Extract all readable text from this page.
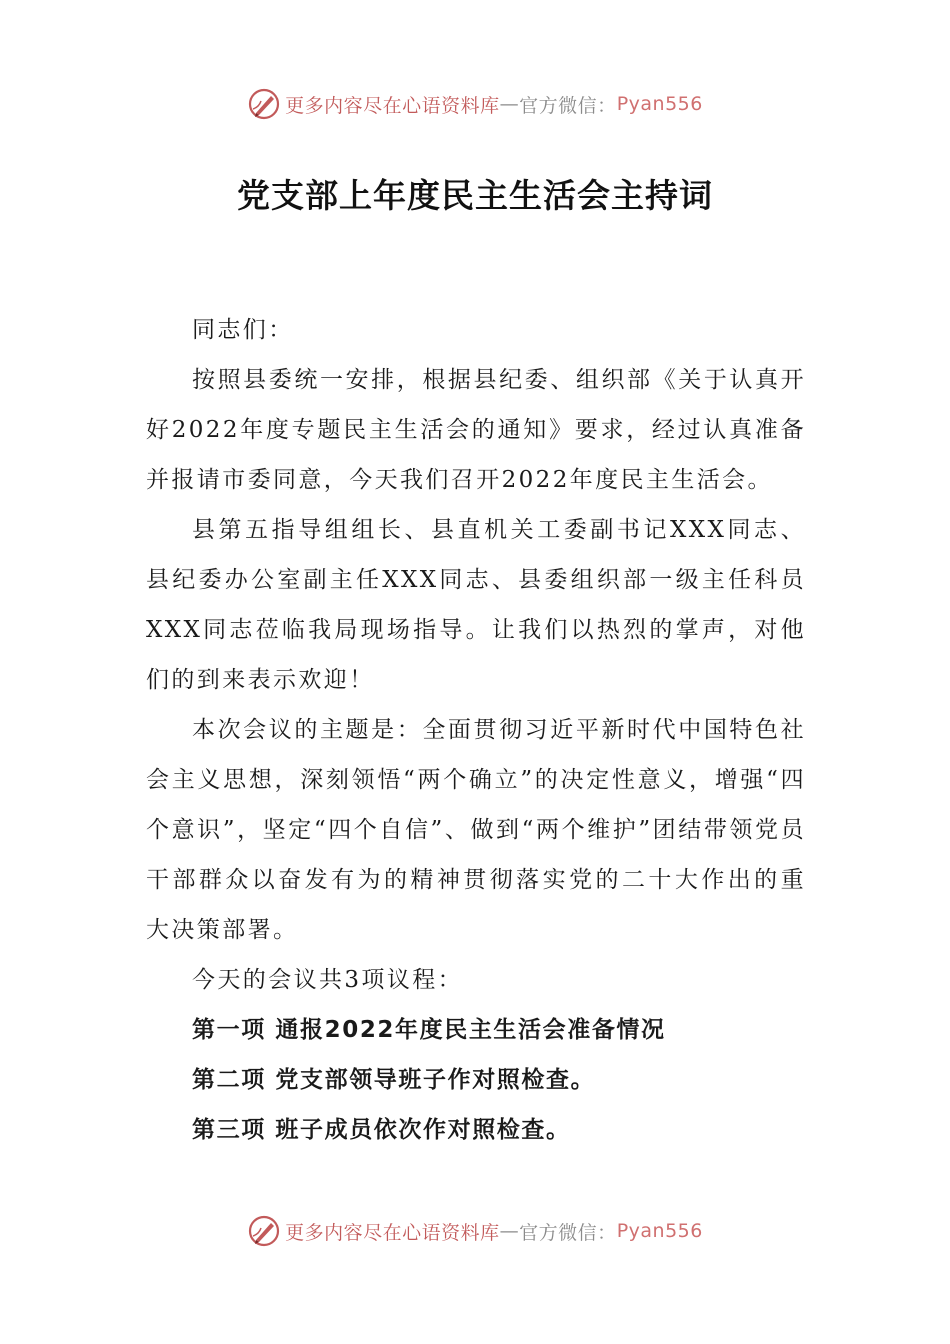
更多内容尽在心语资料库 — 官方微信： Pyan556
党支部上年度民主生活会主持词

同志们：

按照县委统一安排，根据县纪委、组织部《关于认真开好2022年度专题民主生活会的通知》要求，经过认真准备并报请市委同意，今天我们召开2022年度民主生活会。

县第五指导组组长、县直机关工委副书记XXX同志、县纪委办公室副主任XXX同志、县委组织部一级主任科员XXX同志莅临我局现场指导。让我们以热烈的掌声，对他们的到来表示欢迎！

本次会议的主题是：全面贯彻习近平新时代中国特色社会主义思想，深刻领悟“两个确立”的决定性意义，增强“四个意识”，坚定“四个自信”、做到“两个维护”团结带领党员干部群众以奋发有为的精神贯彻落实党的二十大作出的重大决策部署。

今天的会议共3项议程：

第一项 通报2022年度民主生活会准备情况

第二项 党支部领导班子作对照检查。

第三项 班子成员依次作对照检查。

更多内容尽在心语资料库 — 官方微信： Pyan556
